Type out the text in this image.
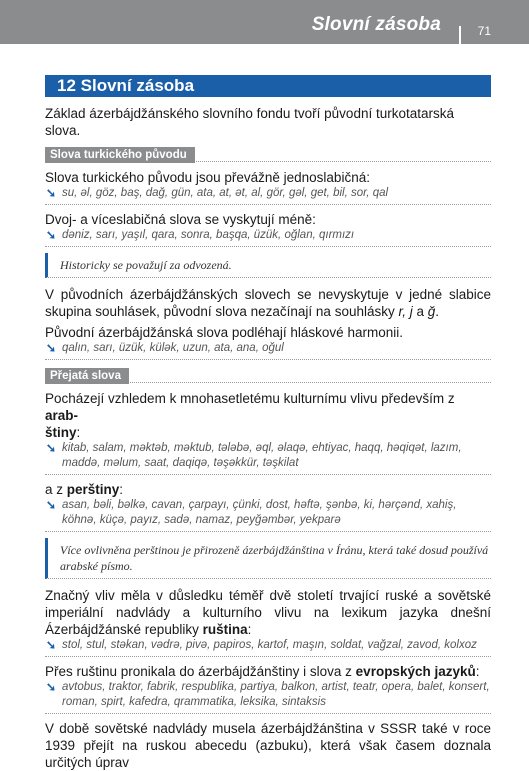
Slovní zásoba	71
12 Slovní zásoba

Základ ázerbájdžánského slovního fondu tvoří původní turkotatarská slova.

Slova turkického původu

Slova turkického původu jsou převážně jednoslabičná:

➘ su, əl, göz, baş, dağ, gün, ata, at, ət, al, gör, gəl, get, bil, sor, qal

Dvoj- a víceslabičná slova se vyskytují méně:

➘ dəniz, sarı, yaşıl, qara, sonra, başqa, üzük, oğlan, qırmızı
Historicky se považují za odvozená.

V původních ázerbájdžánských slovech se nevyskytuje v jedné slabice skupina souhlásek, původní slova nezačínají na souhlásky r, j a ğ.

Původní ázerbájdžánská slova podléhají hláskové harmonii.

➘ qalın, sarı, üzük, külək, uzun, ata, ana, oğul
Přejatá slova

Pocházejí vzhledem k mnohasetletému kulturnímu vlivu především z arab-
štiny:

➘ kitab, salam, məktəb, məktub, tələbə, əql, əlaqə, ehtiyac, haqq, həqiqət, lazım, maddə, məlum, saat, daqiqə, təşəkkür, təşkilat

a z perštiny:

➘ asan, bəli, bəlkə, cavan, çarpayı, çünki, dost, həftə, şənbə, ki, hərçənd, xahiş, köhnə, küçə, payız, sadə, namaz, peyğəmbər, yekparə
Více ovlivněna perštinou je přirozeně ázerbájdžánština v Íránu, která také dosud používá arabské písmo.

Značný vliv měla v důsledku téměř dvě století trvající ruské a sovětské imperiální nadvlády a kulturního vlivu na lexikum jazyka dnešní Ázerbájdžánské republiky ruština:

➘ stol, stul, stəkan, vədrə, pivə, papiros, kartof, maşın, soldat, vağzal, zavod, kolxoz

Přes ruštinu pronikala do ázerbájdžánštiny i slova z evropských jazyků:

➘ avtobus, traktor, fabrik, respublika, partiya, balkon, artist, teatr, opera, balet, konsert, roman, spirt, kafedra, qrammatika, leksika, sintaksis

V době sovětské nadvlády musela ázerbájdžánština v SSSR také v roce 1939 přejít na ruskou abecedu (azbuku), která však časem doznala určitých úprav
